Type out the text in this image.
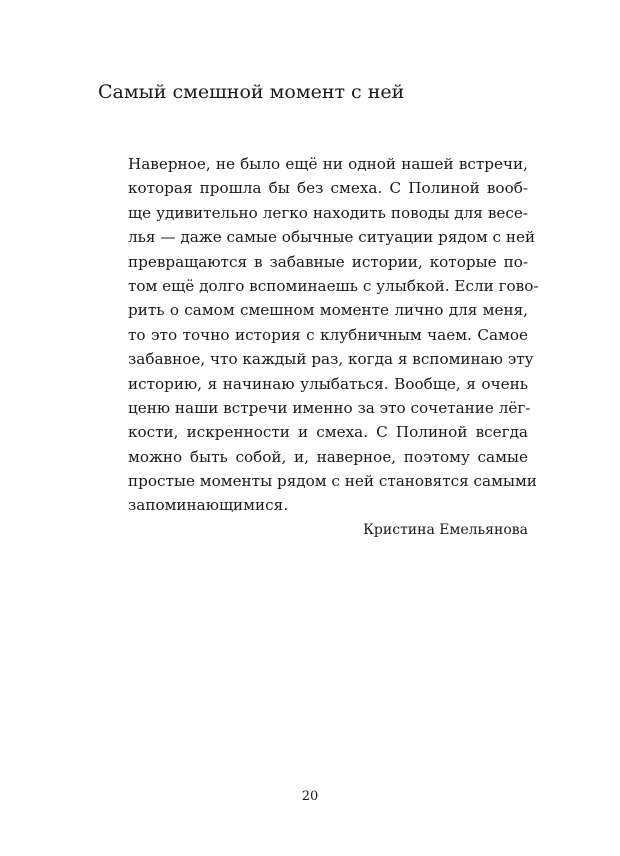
Самый смешной момент с ней
Наверное, не было ещё ни одной нашей встречи,
которая прошла бы без смеха. С Полиной вооб-
ще удивительно легко находить поводы для весе-
лья — даже самые обычные ситуации рядом с ней
превращаются в забавные истории, которые по-
том ещё долго вспоминаешь с улыбкой. Если гово-
рить о самом смешном моменте лично для меня,
то это точно история с клубничным чаем. Самое
забавное, что каждый раз, когда я вспоминаю эту
историю, я начинаю улыбаться. Вообще, я очень
ценю наши встречи именно за это сочетание лёг-
кости, искренности и смеха. С Полиной всегда
можно быть собой, и, наверное, поэтому самые
простые моменты рядом с ней становятся самыми
запоминающимися.
Кристина Емельянова
20
